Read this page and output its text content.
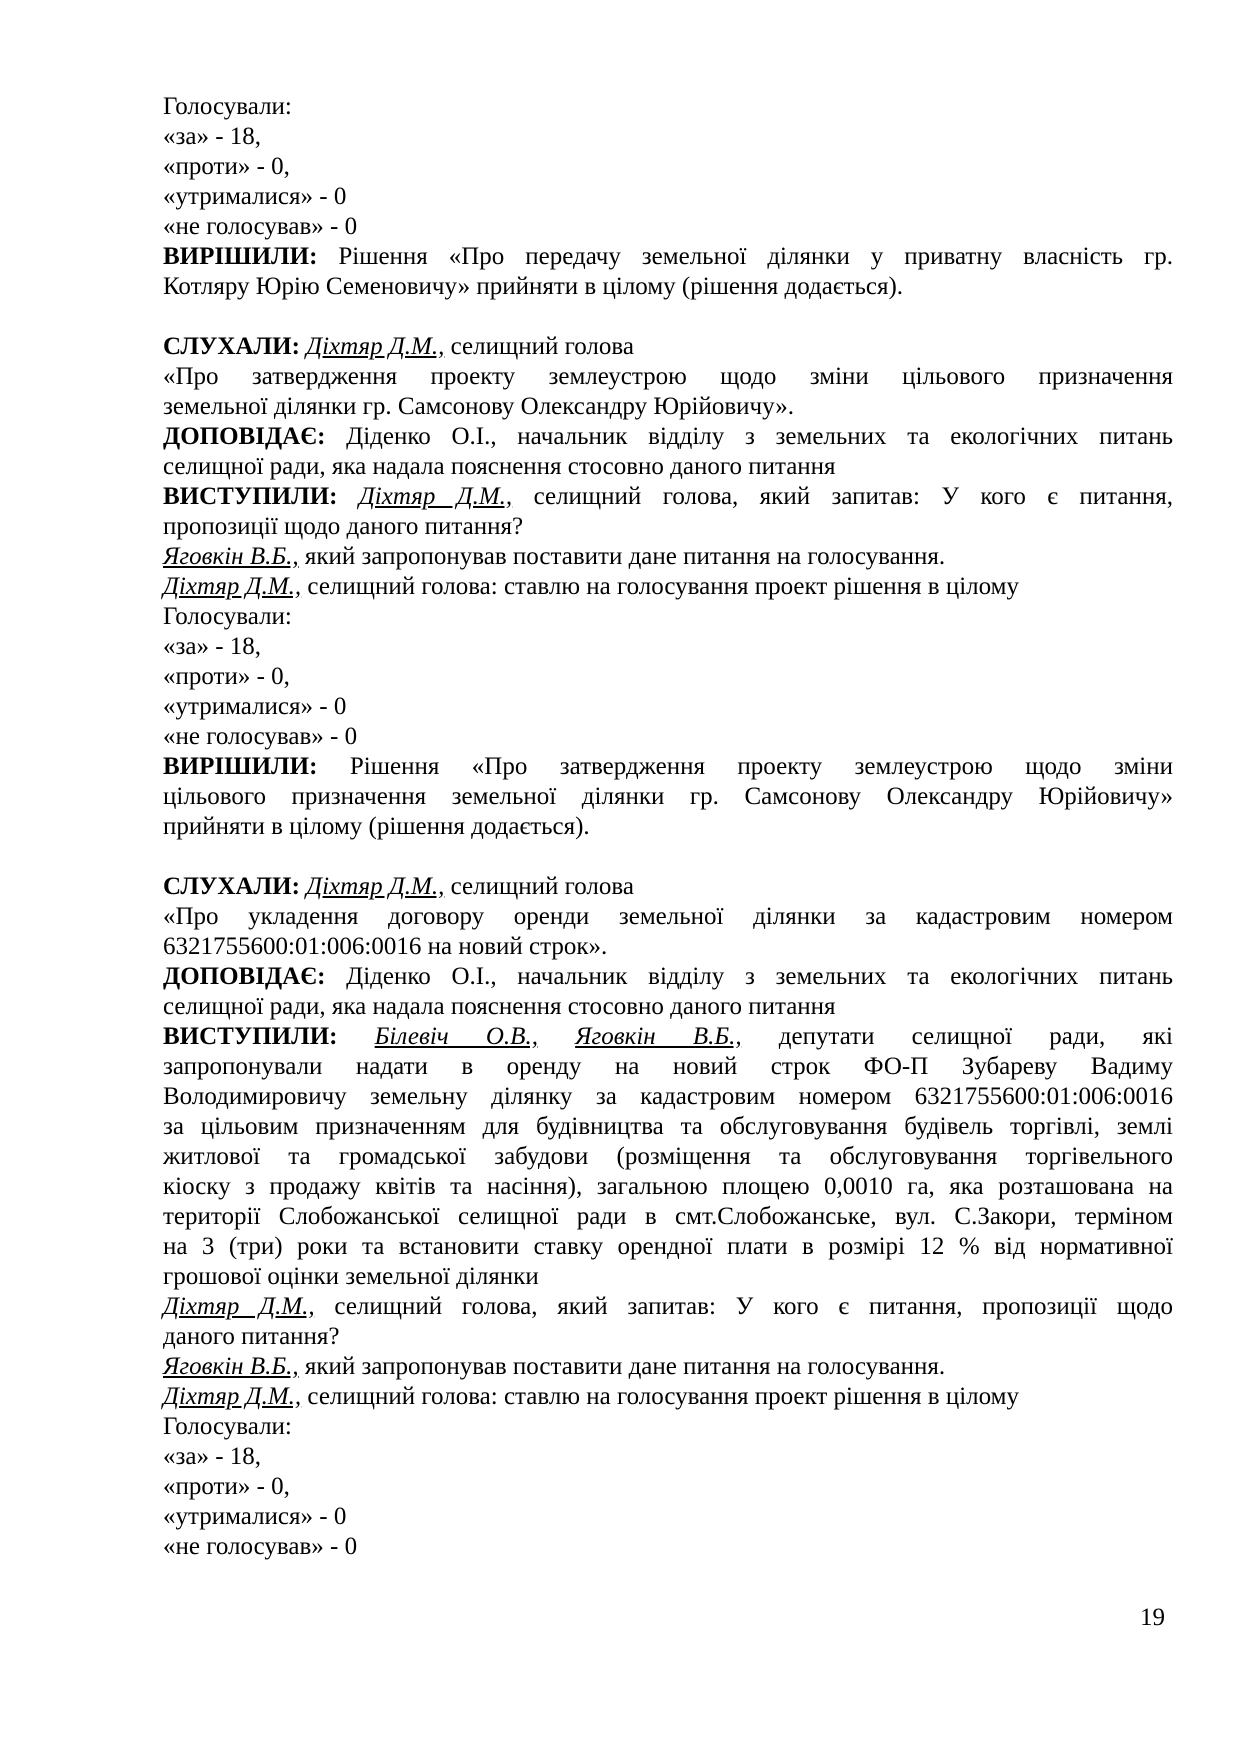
Голосували:
«за» - 18,
«проти» - 0,
«утрималися» - 0
«не голосував» - 0
ВИРІШИЛИ: Рішення «Про передачу земельної ділянки у приватну власність гр.
Котляру Юрію Семеновичу» прийняти в цілому (рішення додається).
СЛУХАЛИ: Діхтяр Д.М., селищний голова
«Про затвердження проекту землеустрою щодо зміни цільового призначення
земельної ділянки гр. Самсонову Олександру Юрійовичу».
ДОПОВІДАЄ: Діденко О.І., начальник відділу з земельних та екологічних питань
селищної ради, яка надала пояснення стосовно даного питання
ВИСТУПИЛИ: Діхтяр Д.М., селищний голова, який запитав: У кого є питання,
пропозиції щодо даного питання?
Яговкін В.Б., який запропонував поставити дане питання на голосування.
Діхтяр Д.М., селищний голова: ставлю на голосування проект рішення в цілому
Голосували:
«за» - 18,
«проти» - 0,
«утрималися» - 0
«не голосував» - 0
ВИРІШИЛИ: Рішення «Про затвердження проекту землеустрою щодо зміни
цільового призначення земельної ділянки гр. Самсонову Олександру Юрійовичу»
прийняти в цілому (рішення додається).
СЛУХАЛИ: Діхтяр Д.М., селищний голова
«Про укладення договору оренди земельної ділянки за кадастровим номером
6321755600:01:006:0016 на новий строк».
ДОПОВІДАЄ: Діденко О.І., начальник відділу з земельних та екологічних питань
селищної ради, яка надала пояснення стосовно даного питання
ВИСТУПИЛИ: Білевіч О.В., Яговкін В.Б., депутати селищної ради, які
запропонували надати в оренду на новий строк ФО-П Зубареву Вадиму
Володимировичу земельну ділянку за кадастровим номером 6321755600:01:006:0016
за цільовим призначенням для будівництва та обслуговування будівель торгівлі, землі
житлової та громадської забудови (розміщення та обслуговування торгівельного
кіоску з продажу квітів та насіння), загальною площею 0,0010 га, яка розташована на
території Слобожанської селищної ради в смт.Слобожанське, вул. С.Закори, терміном
на 3 (три) роки та встановити ставку орендної плати в розмірі 12 % від нормативної
грошової оцінки земельної ділянки
Діхтяр Д.М., селищний голова, який запитав: У кого є питання, пропозиції щодо
даного питання?
Яговкін В.Б., який запропонував поставити дане питання на голосування.
Діхтяр Д.М., селищний голова: ставлю на голосування проект рішення в цілому
Голосували:
«за» - 18,
«проти» - 0,
«утрималися» - 0
«не голосував» - 0
19
